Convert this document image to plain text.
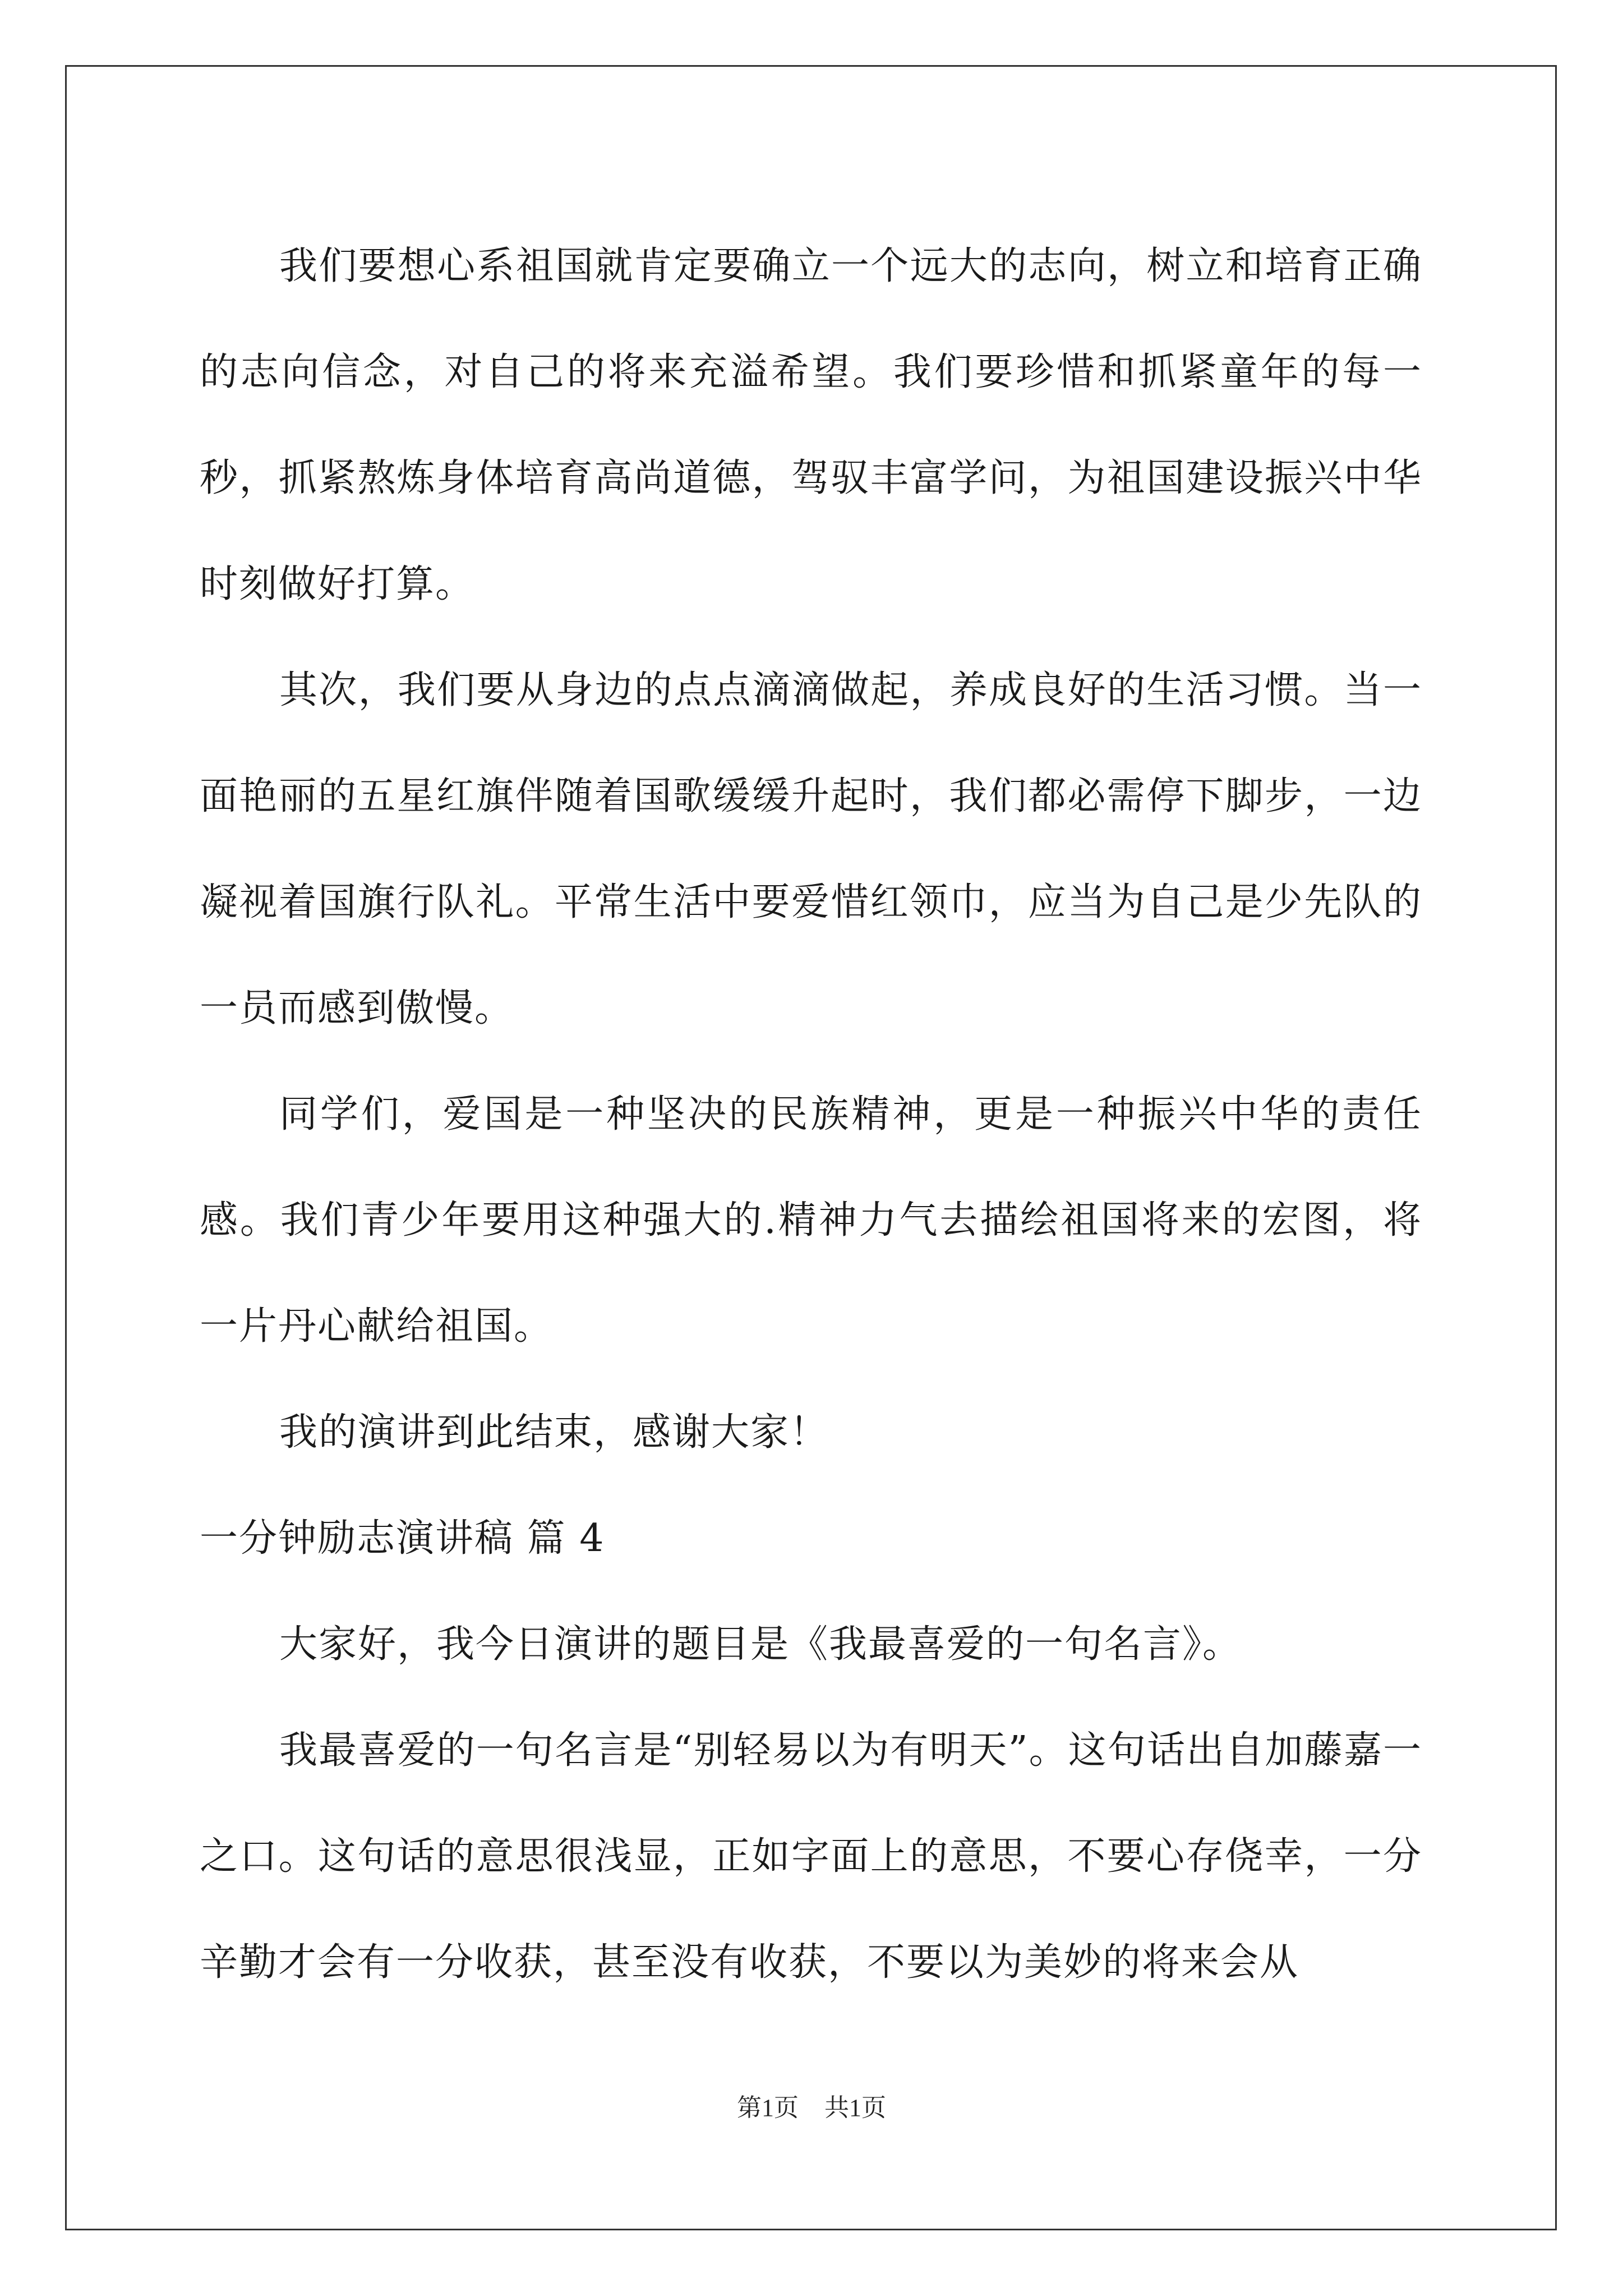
我们要想心系祖国就肯定要确立一个远大的志向，树立和培育正确的志向信念，对自己的将来充溢希望。我们要珍惜和抓紧童年的每一秒，抓紧熬炼身体培育高尚道德，驾驭丰富学问，为祖国建设振兴中华时刻做好打算。

其次，我们要从身边的点点滴滴做起，养成良好的生活习惯。当一面艳丽的五星红旗伴随着国歌缓缓升起时，我们都必需停下脚步，一边凝视着国旗行队礼。平常生活中要爱惜红领巾，应当为自己是少先队的一员而感到傲慢。

同学们，爱国是一种坚决的民族精神，更是一种振兴中华的责任感。我们青少年要用这种强大的.精神力气去描绘祖国将来的宏图，将一片丹心献给祖国。

我的演讲到此结束，感谢大家！

一分钟励志演讲稿 篇 4

大家好，我今日演讲的题目是《我最喜爱的一句名言》。

我最喜爱的一句名言是“别轻易以为有明天”。这句话出自加藤嘉一之口。这句话的意思很浅显，正如字面上的意思，不要心存侥幸，一分辛勤才会有一分收获，甚至没有收获，不要以为美妙的将来会从

第1页 共1页
